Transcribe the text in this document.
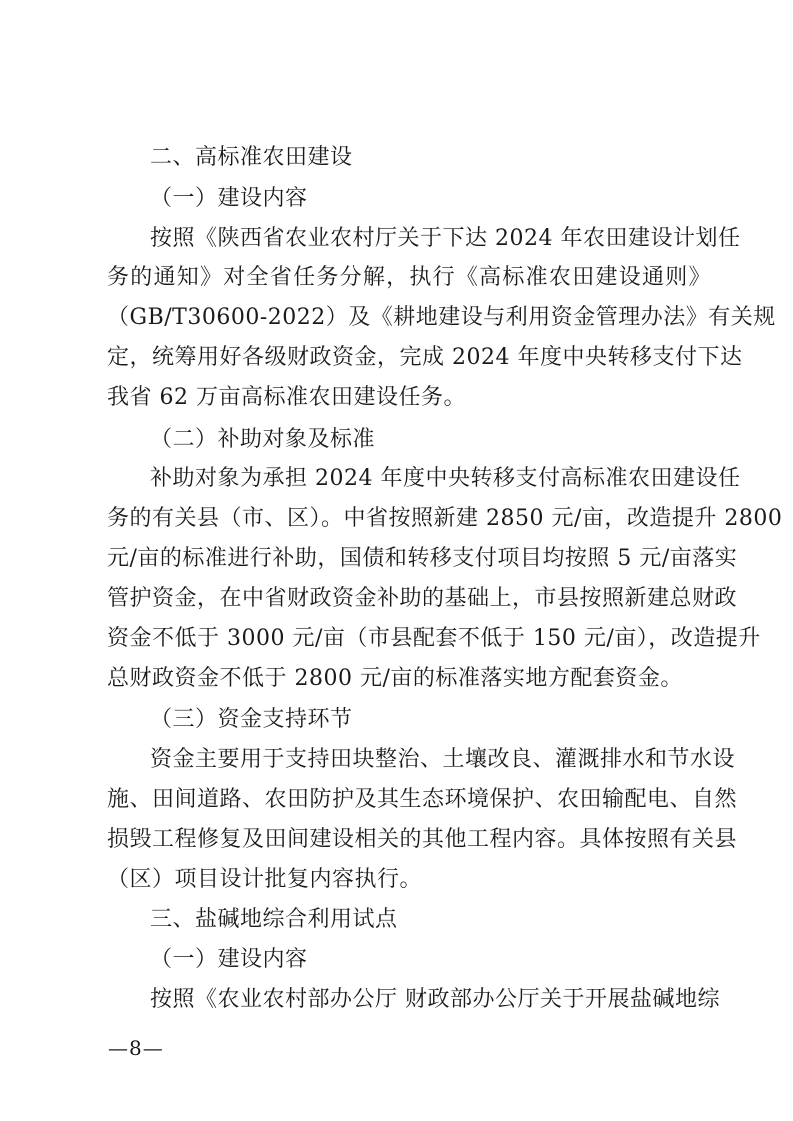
二、高标准农田建设
（一）建设内容
按照《陕西省农业农村厅关于下达 2024 年农田建设计划任
务的通知》对全省任务分解，执行《高标准农田建设通则》
（GB/T30600-2022）及《耕地建设与利用资金管理办法》有关规
定，统筹用好各级财政资金，完成 2024 年度中央转移支付下达
我省 62 万亩高标准农田建设任务。
（二）补助对象及标准
补助对象为承担 2024 年度中央转移支付高标准农田建设任
务的有关县（市、区）。中省按照新建 2850 元/亩，改造提升 2800
元/亩的标准进行补助，国债和转移支付项目均按照 5 元/亩落实
管护资金，在中省财政资金补助的基础上，市县按照新建总财政
资金不低于 3000 元/亩（市县配套不低于 150 元/亩），改造提升
总财政资金不低于 2800 元/亩的标准落实地方配套资金。
（三）资金支持环节
资金主要用于支持田块整治、土壤改良、灌溉排水和节水设
施、田间道路、农田防护及其生态环境保护、农田输配电、自然
损毁工程修复及田间建设相关的其他工程内容。具体按照有关县
（区）项目设计批复内容执行。
三、盐碱地综合利用试点
（一）建设内容
按照《农业农村部办公厅 财政部办公厅关于开展盐碱地综
—8—
